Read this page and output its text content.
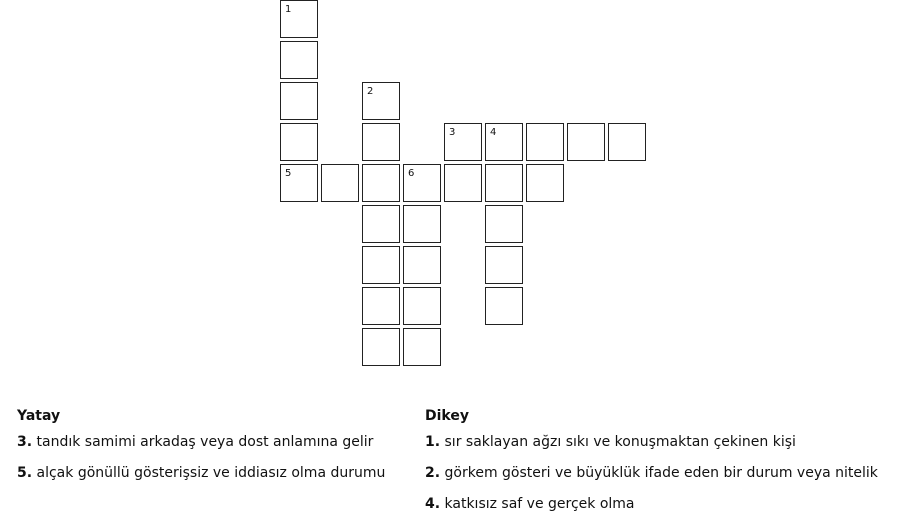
1
2
3	4
5	6
Yatay
3. tandık samimi arkadaş veya dost anlamına gelir
5. alçak gönüllü gösterişsiz ve iddiasız olma durumu
Dikey
1. sır saklayan ağzı sıkı ve konuşmaktan çekinen kişi
2. görkem gösteri ve büyüklük ifade eden bir durum veya nitelik
4. katkısız saf ve gerçek olma
